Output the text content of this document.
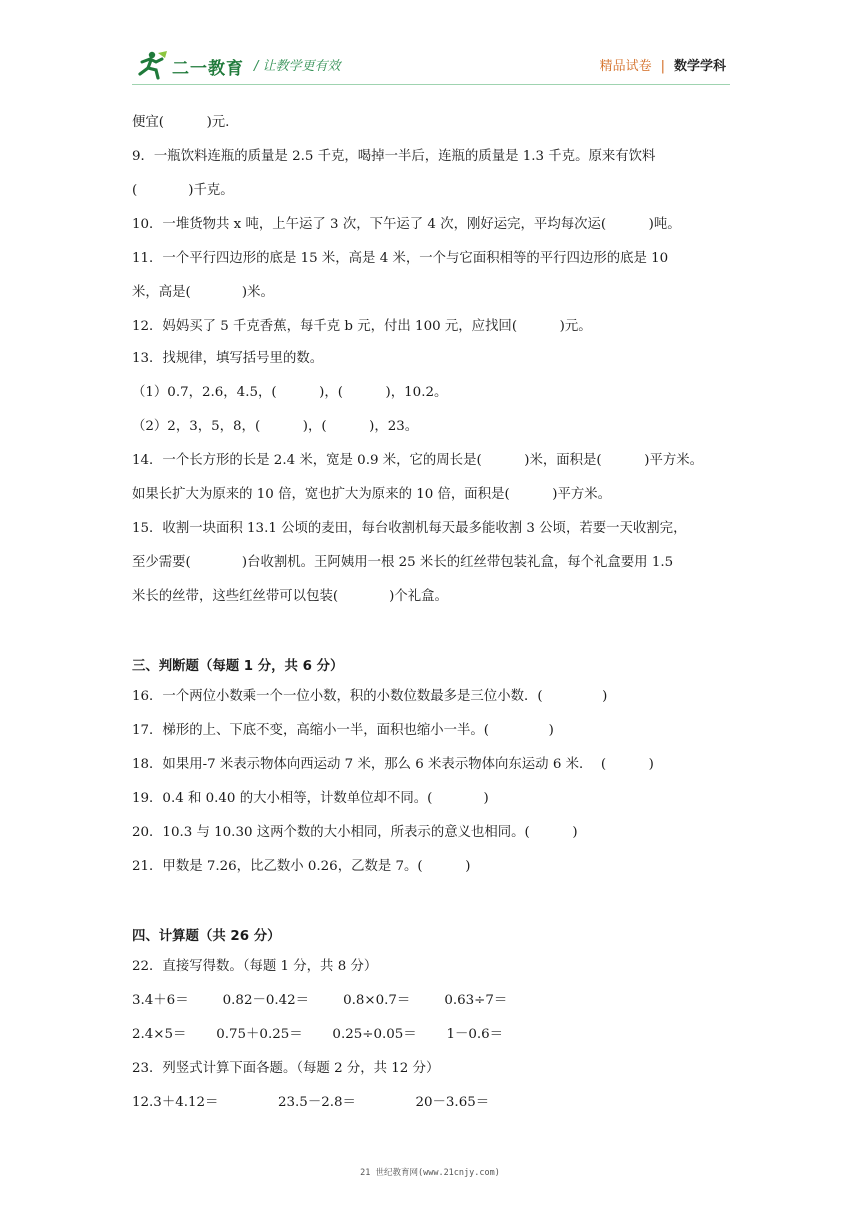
二一教育 / 让教学更有效	精品试卷 | 数学学科
便宜(          )元.
9．一瓶饮料连瓶的质量是 2.5 千克，喝掉一半后，连瓶的质量是 1.3 千克。原来有饮料
(            )千克。
10．一堆货物共 x 吨，上午运了 3 次，下午运了 4 次，刚好运完，平均每次运(          )吨。
11．一个平行四边形的底是 15 米，高是 4 米，一个与它面积相等的平行四边形的底是 10
米，高是(            )米。
12．妈妈买了 5 千克香蕉，每千克 b 元，付出 100 元，应找回(          )元。
13．找规律，填写括号里的数。
（1）0.7，2.6，4.5，(          )，(          )，10.2。
（2）2，3，5，8，(          )，(          )，23。
14．一个长方形的长是 2.4 米，宽是 0.9 米，它的周长是(          )米，面积是(          )平方米。
如果长扩大为原来的 10 倍，宽也扩大为原来的 10 倍，面积是(          )平方米。
15．收割一块面积 13.1 公顷的麦田，每台收割机每天最多能收割 3 公顷，若要一天收割完，
至少需要(            )台收割机。王阿姨用一根 25 米长的红丝带包装礼盒，每个礼盒要用 1.5
米长的丝带，这些红丝带可以包装(            )个礼盒。
三、判断题（每题 1 分，共 6 分）
16．一个两位小数乘一个一位小数，积的小数位数最多是三位小数．(              )
17．梯形的上、下底不变，高缩小一半，面积也缩小一半。(              )
18．如果用-7 米表示物体向西运动 7 米，那么 6 米表示物体向东运动 6 米．  (          )
19．0.4 和 0.40 的大小相等，计数单位却不同。(            )
20．10.3 与 10.30 这两个数的大小相同，所表示的意义也相同。(          )
21．甲数是 7.26，比乙数小 0.26，乙数是 7。(          )
四、计算题（共 26 分）
22．直接写得数。（每题 1 分，共 8 分）
3.4＋6＝        0.82－0.42＝        0.8×0.7＝        0.63÷7＝
2.4×5＝       0.75＋0.25＝       0.25÷0.05＝       1－0.6＝
23．列竖式计算下面各题。（每题 2 分，共 12 分）
12.3＋4.12＝              23.5－2.8＝              20－3.65＝
21 世纪教育网(www.21cnjy.com)
